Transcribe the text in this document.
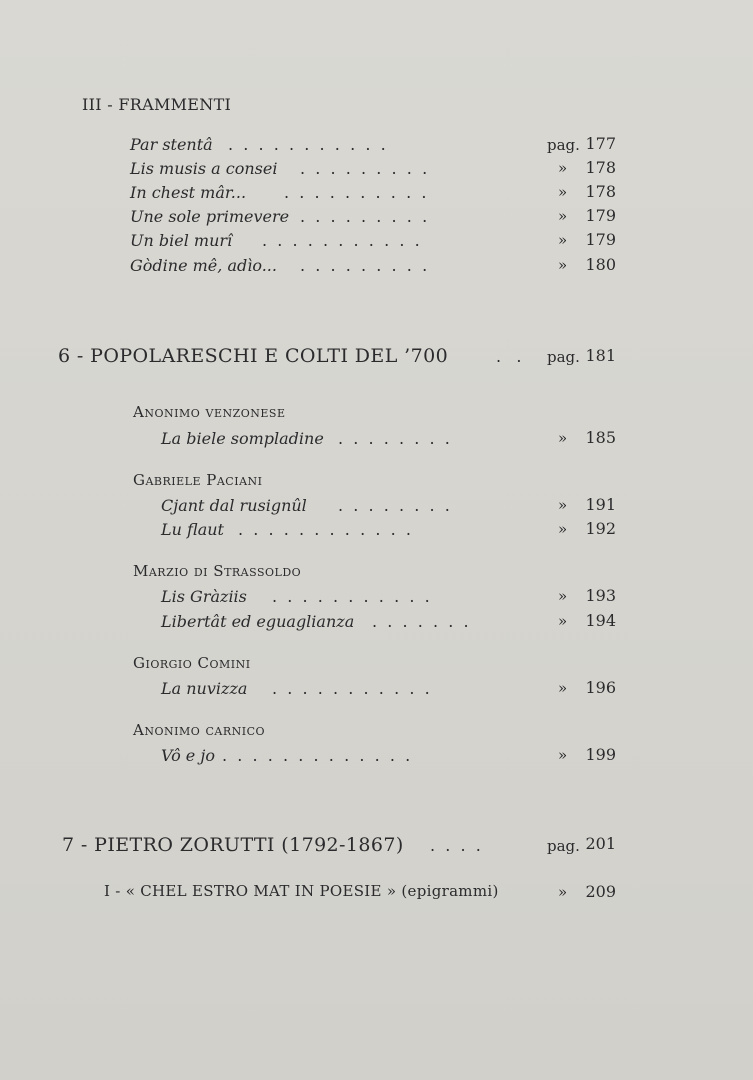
III - FRAMMENTI
Par stentâ .  .  .  .  .  .  .  .  .  .  .	pag. 177
Lis musis a consei .  .  .  .  .  .  .  .  .	»	178
In chest mâr... .  .  .  .  .  .  .  .  .  .	»	178
Une sole primevere .  .  .  .  .  .  .  .  .	»	179
Un biel murî .  .  .  .  .  .  .  .  .  .  .	»	179
Gòdine mê, adìo... .  .  .  .  .  .  .  .  .	»	180
6 - POPOLARESCHI E COLTI DEL ’700	.   . pag. 181
Anonimo venzonese
La biele sompladine .  .  .  .  .  .  .  .	»	185
Gabriele Paciani
Cjant dal rusignûl .  .  .  .  .  .  .  .	»	191
Lu flaut .  .  .  .  .  .  .  .  .  .  .  .	»	192
Marzio di Strassoldo
Lis Gràziis .  .  .  .  .  .  .  .  .  .  .	»	193
Libertât ed eguaglianza .  .  .  .  .  .  .	»	194
Giorgio Comini
La nuvizza .  .  .  .  .  .  .  .  .  .  .	»	196
Anonimo carnico
Vô e jo .  .  .  .  .  .  .  .  .  .  .  .  .	»	199
7 - PIETRO ZORUTTI (1792-1867) .  .  .  .	pag. 201
I - « CHEL ESTRO MAT IN POESIE » (epigrammi)	»	209
